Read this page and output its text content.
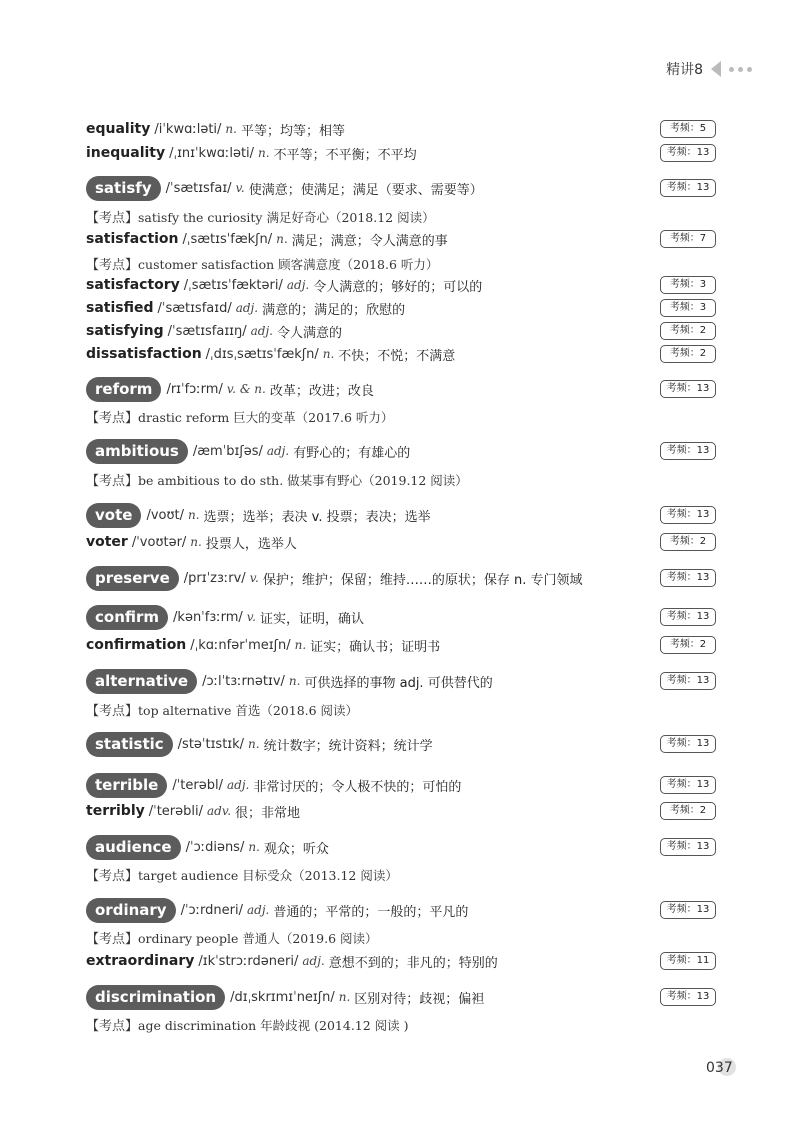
精讲8
equality /iˈkwɑːləti/ n. 平等；均等；相等	考频：5
inequality /ˌɪnɪˈkwɑːləti/ n. 不平等；不平衡；不平均	考频：13
satisfy	/ˈsætɪsfaɪ/ v. 使满意；使满足；满足（要求、需要等）	考频：13
【考点】satisfy the curiosity 满足好奇心（2018.12 阅读）
satisfaction /ˌsætɪsˈfækʃn/ n. 满足；满意；令人满意的事	考频：7
【考点】customer satisfaction 顾客满意度（2018.6 听力）
satisfactory /ˌsætɪsˈfæktəri/ adj. 令人满意的；够好的；可以的	考频：3
satisfied /ˈsætɪsfaɪd/ adj. 满意的；满足的；欣慰的	考频：3
satisfying /ˈsætɪsfaɪɪŋ/ adj. 令人满意的	考频：2
dissatisfaction /ˌdɪsˌsætɪsˈfækʃn/ n. 不快；不悦；不满意	考频：2
reform	/rɪˈfɔːrm/ v. & n. 改革；改进；改良	考频：13
【考点】drastic reform 巨大的变革（2017.6 听力）
ambitious	/æmˈbɪʃəs/ adj. 有野心的；有雄心的	考频：13
【考点】be ambitious to do sth. 做某事有野心（2019.12 阅读）
vote	/voʊt/ n. 选票；选举；表决 v. 投票；表决；选举	考频：13
voter /ˈvoʊtər/ n. 投票人，选举人	考频：2
preserve	/prɪˈzɜːrv/ v. 保护；维护；保留；维持……的原状；保存 n. 专门领域	考频：13
confirm	/kənˈfɜːrm/ v. 证实，证明，确认	考频：13
confirmation /ˌkɑːnfərˈmeɪʃn/ n. 证实；确认书；证明书	考频：2
alternative	/ɔːlˈtɜːrnətɪv/ n. 可供选择的事物 adj. 可供替代的	考频：13
【考点】top alternative 首选（2018.6 阅读）
statistic	/stəˈtɪstɪk/ n. 统计数字；统计资料；统计学	考频：13
terrible	/ˈterəbl/ adj. 非常讨厌的；令人极不快的；可怕的	考频：13
terribly /ˈterəbli/ adv. 很；非常地	考频：2
audience	/ˈɔːdiəns/ n. 观众；听众	考频：13
【考点】target audience 目标受众（2013.12 阅读）
ordinary	/ˈɔːrdneri/ adj. 普通的；平常的；一般的；平凡的	考频：13
【考点】ordinary people 普通人（2019.6 阅读）
extraordinary /ɪkˈstrɔːrdəneri/ adj. 意想不到的；非凡的；特别的	考频：11
discrimination	/dɪˌskrɪmɪˈneɪʃn/ n. 区别对待；歧视；偏袒	考频：13
【考点】age discrimination 年龄歧视 (2014.12 阅读 )
037
